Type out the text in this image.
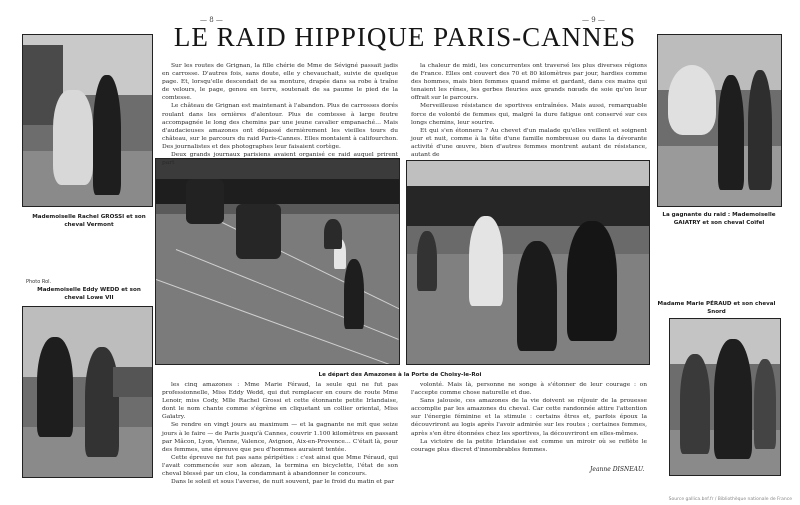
— 8 —	— 9 —
LE RAID HIPPIQUE PARIS-CANNES
Mademoiselle Rachel GROSSI et son cheval Vermont
Photo Rol.
Mademoiselle Eddy WEDD et son cheval Lowe VII
La gagnante du raid : Mademoiselle GAIATRY et son cheval Coïfel
Madame Marie PÉRAUD et son cheval Snord
Le départ des Amazones à la Porte de Choisy-le-Roi

Sur les routes de Grignan, la fille chérie de Mme de Sévigné passait jadis en carrosse. D'autres fois, sans doute, elle y chevauchait, suivie de quelque page. Et, lorsqu'elle descendait de sa monture, drapée dans sa robe à traîne de velours, le page, genou en terre, soutenait de sa paume le pied de la comtesse.

Le château de Grignan est maintenant à l'abandon. Plus de carrosses dorés roulant dans les ornières d'alentour. Plus de comtesse à large feutre accompagnée le long des chemins par une jeune cavalier empanaché… Mais d'audacieuses amazones ont dépassé dernièrement les vieilles tours du château, sur le parcours du raid Paris-Cannes. Elles montaient à califourchon. Des journalistes et des photographes leur faisaient cortège.

Deux grands journaux parisiens avaient organisé ce raid auquel prirent part

la chaleur de midi, les concurrentes ont traversé les plus diverses régions de France. Elles ont couvert des 70 et 80 kilomètres par jour, hardies comme des hommes, mais bien femmes quand même et gardant, dans ces mains qui tenaient les rênes, les gerbes fleuries aux grands nœuds de soie qu'on leur offrait sur le parcours.

Merveilleuse résistance de sportives entraînées. Mais aussi, remarquable force de volonté de femmes qui, malgré la dure fatigue ont conservé sur ces longs chemins, leur sourire.

Et qui s'en étonnera ? Au chevet d'un malade qu'elles veillent et soignent jour et nuit, comme à la tête d'une famille nombreuse ou dans la dévorante activité d'une œuvre, bien d'autres femmes montrent autant de résistance, autant de

les cinq amazones : Mme Marie Féraud, la seule qui ne fut pas professionnelle, Miss Eddy Wedd, qui dut remplacer en cours de route Mme Lenoir, miss Cody, Mlle Rachel Grossi et cette étonnante petite Irlandaise, dont le nom chante comme s'égrène en cliquetant un collier oriental, Miss Gaïatry.

Se rendre en vingt jours au maximum — et la gagnante ne mit que seize jours à le faire — de Paris jusqu'à Cannes, couvrir 1.100 kilomètres en passant par Mâcon, Lyon, Vienne, Valence, Avignon, Aix-en-Provence… C'était là, pour des femmes, une épreuve que peu d'hommes auraient tentée.

Cette épreuve ne fut pas sans péripéties : c'est ainsi que Mme Féraud, qui l'avait commencée sur son alezan, la termina en bicyclette, l'état de son cheval blessé par un clou, la condamnant à abandonner le concours.

Dans le soleil et sous l'averse, de nuit souvent, par le froid du matin et par

volonté. Mais là, personne ne songe à s'étonner de leur courage : on l'accepte comme chose naturelle et due.

Sans jalousie, ces amazones de la vie doivent se réjouir de la prouesse accomplie par les amazones du cheval. Car cette randonnée attire l'attention sur l'énergie féminine et la stimule : certains êtres et, parfois époux la découvriront au logis après l'avoir admirée sur les routes ; certaines femmes, après s'en être étonnées chez les sportives, la découvriront en elles-mêmes.

La victoire de la petite Irlandaise est comme un miroir où se reflète le courage plus discret d'innombrables femmes.

Jeanne DISNEAU.
Source gallica.bnf.fr / Bibliothèque nationale de France
